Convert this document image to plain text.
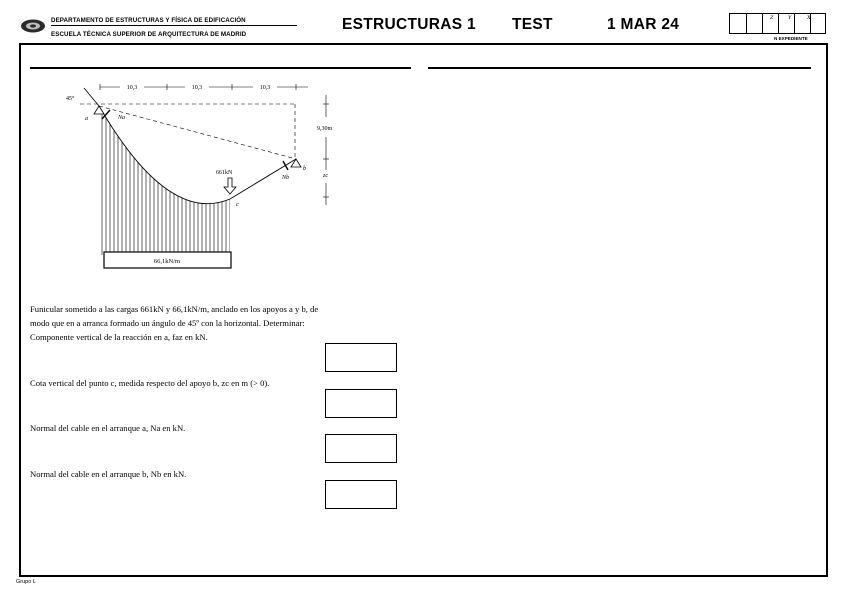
DEPARTAMENTO DE ESTRUCTURAS Y FÍSICA DE EDIFICACIÓN
ESCUELA TÉCNICA SUPERIOR DE ARQUITECTURA DE MADRID
ESTRUCTURAS 1 TEST	1 MAR 24	Z	Y	X
N EXPEDIENTE
10,3	10,3	10,3
9,30m
zc
45°
a	Na
b
Nb
c
661kN
66,1kN/m
Funicular sometido a las cargas 661kN y 66,1kN/m, anclado en los apoyos a y b, de
modo que en a arranca formado un ángulo de 45º con la horizontal. Determinar:
Componente vertical de la reacción en a, faz en kN.
Cota vertical del punto c, medida respecto del apoyo b, zc en m (> 0).
Normal del cable en el arranque a, Na en kN.
Normal del cable en el arranque b, Nb en kN.
Grupo L
